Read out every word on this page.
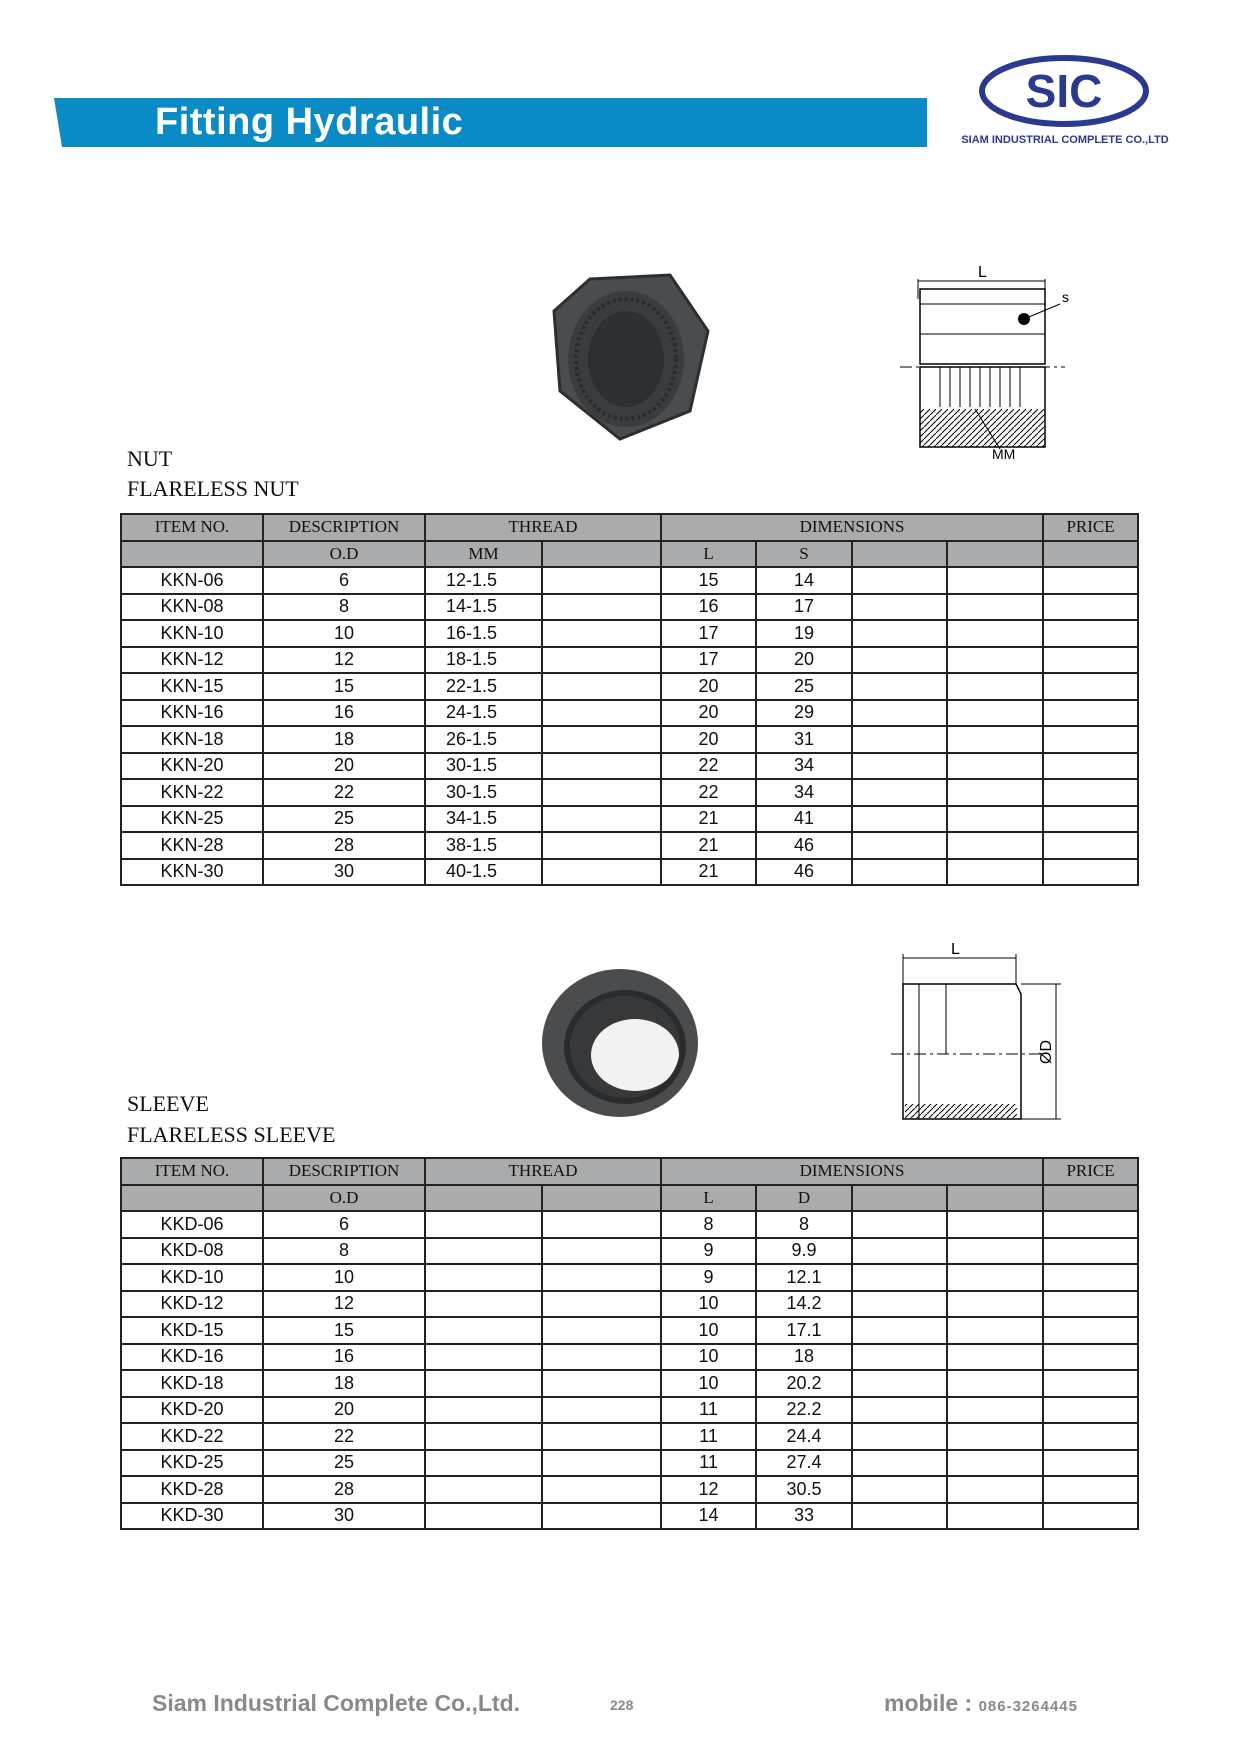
Fitting Hydraulic
SIC
SIAM INDUSTRIAL COMPLETE CO.,LTD
L
s
MM
NUT
FLARELESS NUT
ITEM NO.	DESCRIPTION	THREAD		DIMENSIONS				PRICE
	O.D	MM		L	S			
KKN-06	6	12-1.5		15	14			
KKN-08	8	14-1.5		16	17			
KKN-10	10	16-1.5		17	19			
KKN-12	12	18-1.5		17	20			
KKN-15	15	22-1.5		20	25			
KKN-16	16	24-1.5		20	29			
KKN-18	18	26-1.5		20	31			
KKN-20	20	30-1.5		22	34			
KKN-22	22	30-1.5		22	34			
KKN-25	25	34-1.5		21	41			
KKN-28	28	38-1.5		21	46			
KKN-30	30	40-1.5		21	46			
L
ØD
SLEEVE
FLARELESS SLEEVE
ITEM NO.	DESCRIPTION	THREAD		DIMENSIONS				PRICE
	O.D			L	D			
KKD-06	6			8	8			
KKD-08	8			9	9.9			
KKD-10	10			9	12.1			
KKD-12	12			10	14.2			
KKD-15	15			10	17.1			
KKD-16	16			10	18			
KKD-18	18			10	20.2			
KKD-20	20			11	22.2			
KKD-22	22			11	24.4			
KKD-25	25			11	27.4			
KKD-28	28			12	30.5			
KKD-30	30			14	33			
Siam Industrial Complete Co.,Ltd.	228	mobile : 086-3264445
